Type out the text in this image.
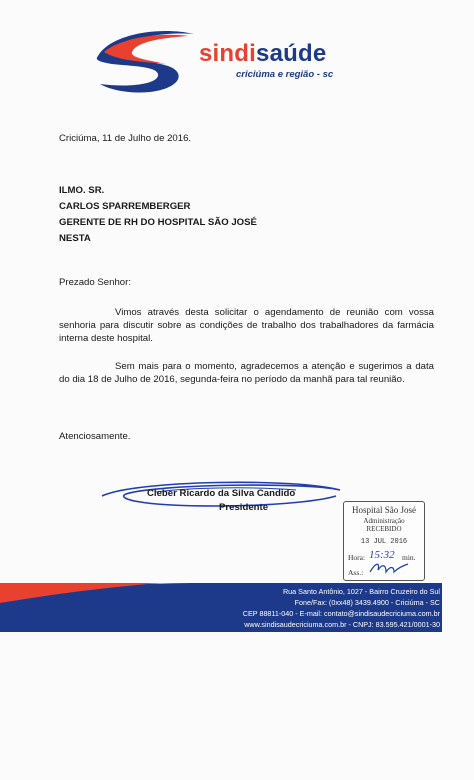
sindisaúde
criciúma e região - sc
Criciúma, 11 de Julho de 2016.
ILMO. SR.
CARLOS SPARREMBERGER
GERENTE DE RH DO HOSPITAL SÃO JOSÉ
NESTA
Prezado Senhor:
Vimos através desta solicitar o agendamento de reunião com vossa senhoria para discutir sobre as condições de trabalho dos trabalhadores da farmácia interna deste hospital.
Sem mais para o momento, agradecemos a atenção e sugerimos a data do dia 18 de Julho de 2016, segunda-feira no período da manhã para tal reunião.
Atenciosamente.
Cleber Ricardo da Silva Candido
Presidente	Hospital São José
Administração
RECEBIDO
13 JUL 2016
Hora: 15:32 min.
Ass.:
Rua Santo Antônio, 1027 - Bairro Cruzeiro do Sul
Fone/Fax: (0xx48) 3439.4900 - Criciúma - SC
CEP 88811-040 - E-mail: contato@sindisaudecriciuma.com.br
www.sindisaudecriciuma.com.br - CNPJ: 83.595.421/0001-30
